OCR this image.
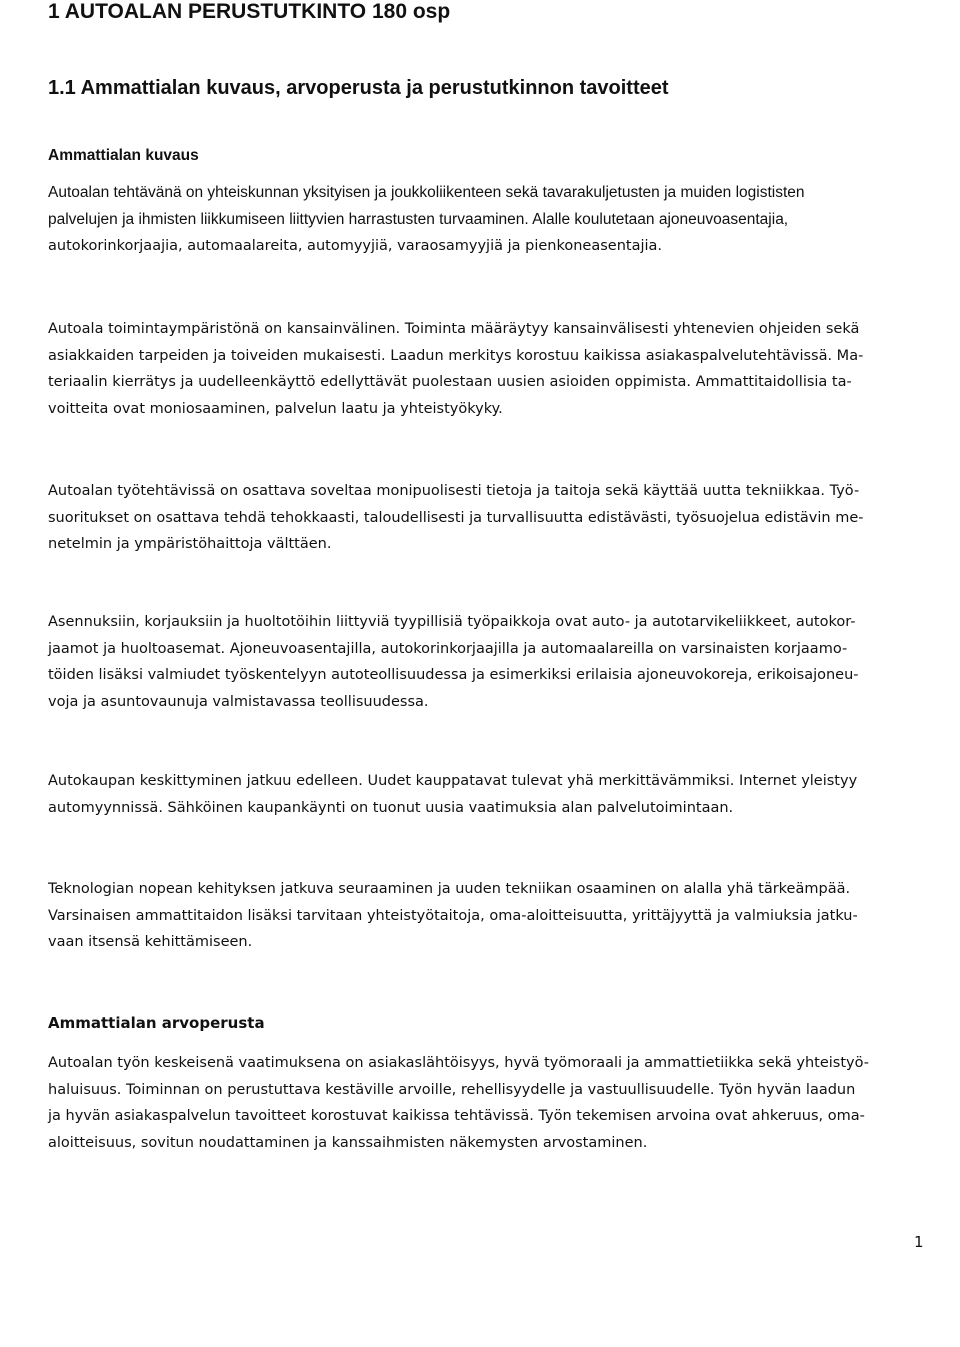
1 AUTOALAN PERUSTUTKINTO 180 osp
1.1 Ammattialan kuvaus, arvoperusta ja perustutkinnon tavoitteet
Ammattialan kuvaus

Autoalan tehtävänä on yhteiskunnan yksityisen ja joukkoliikenteen sekä tavarakuljetusten ja muiden logististen
palvelujen ja ihmisten liikkumiseen liittyvien harrastusten turvaaminen. Alalle koulutetaan ajoneuvoasentajia,
autokorinkorjaajia, automaalareita, automyyjiä, varaosamyyjiä ja pienkoneasentajia.

Autoala toimintaympäristönä on kansainvälinen. Toiminta määräytyy kansainvälisesti yhtenevien ohjeiden sekä
asiakkaiden tarpeiden ja toiveiden mukaisesti. Laadun merkitys korostuu kaikissa asiakaspalvelutehtävissä. Ma-
teriaalin kierrätys ja uudelleenkäyttö edellyttävät puolestaan uusien asioiden oppimista. Ammattitaidollisia ta-
voitteita ovat moniosaaminen, palvelun laatu ja yhteistyökyky.

Autoalan työtehtävissä on osattava soveltaa monipuolisesti tietoja ja taitoja sekä käyttää uutta tekniikkaa. Työ-
suoritukset on osattava tehdä tehokkaasti, taloudellisesti ja turvallisuutta edistävästi, työsuojelua edistävin me-
netelmin ja ympäristöhaittoja välttäen.

Asennuksiin, korjauksiin ja huoltotöihin liittyviä tyypillisiä työpaikkoja ovat auto- ja autotarvikeliikkeet, autokor-
jaamot ja huoltoasemat. Ajoneuvoasentajilla, autokorinkorjaajilla ja automaalareilla on varsinaisten korjaamo-
töiden lisäksi valmiudet työskentelyyn autoteollisuudessa ja esimerkiksi erilaisia ajoneuvokoreja, erikoisajoneu-
voja ja asuntovaunuja valmistavassa teollisuudessa.

Autokaupan keskittyminen jatkuu edelleen. Uudet kauppatavat tulevat yhä merkittävämmiksi. Internet yleistyy
automyynnissä. Sähköinen kaupankäynti on tuonut uusia vaatimuksia alan palvelutoimintaan.

Teknologian nopean kehityksen jatkuva seuraaminen ja uuden tekniikan osaaminen on alalla yhä tärkeämpää.
Varsinaisen ammattitaidon lisäksi tarvitaan yhteistyötaitoja, oma-aloitteisuutta, yrittäjyyttä ja valmiuksia jatku-
vaan itsensä kehittämiseen.

Ammattialan arvoperusta

Autoalan työn keskeisenä vaatimuksena on asiakaslähtöisyys, hyvä työmoraali ja ammattietiikka sekä yhteistyö-
haluisuus. Toiminnan on perustuttava kestäville arvoille, rehellisyydelle ja vastuullisuudelle. Työn hyvän laadun
ja hyvän asiakaspalvelun tavoitteet korostuvat kaikissa tehtävissä. Työn tekemisen arvoina ovat ahkeruus, oma-
aloitteisuus, sovitun noudattaminen ja kanssaihmisten näkemysten arvostaminen.

1
